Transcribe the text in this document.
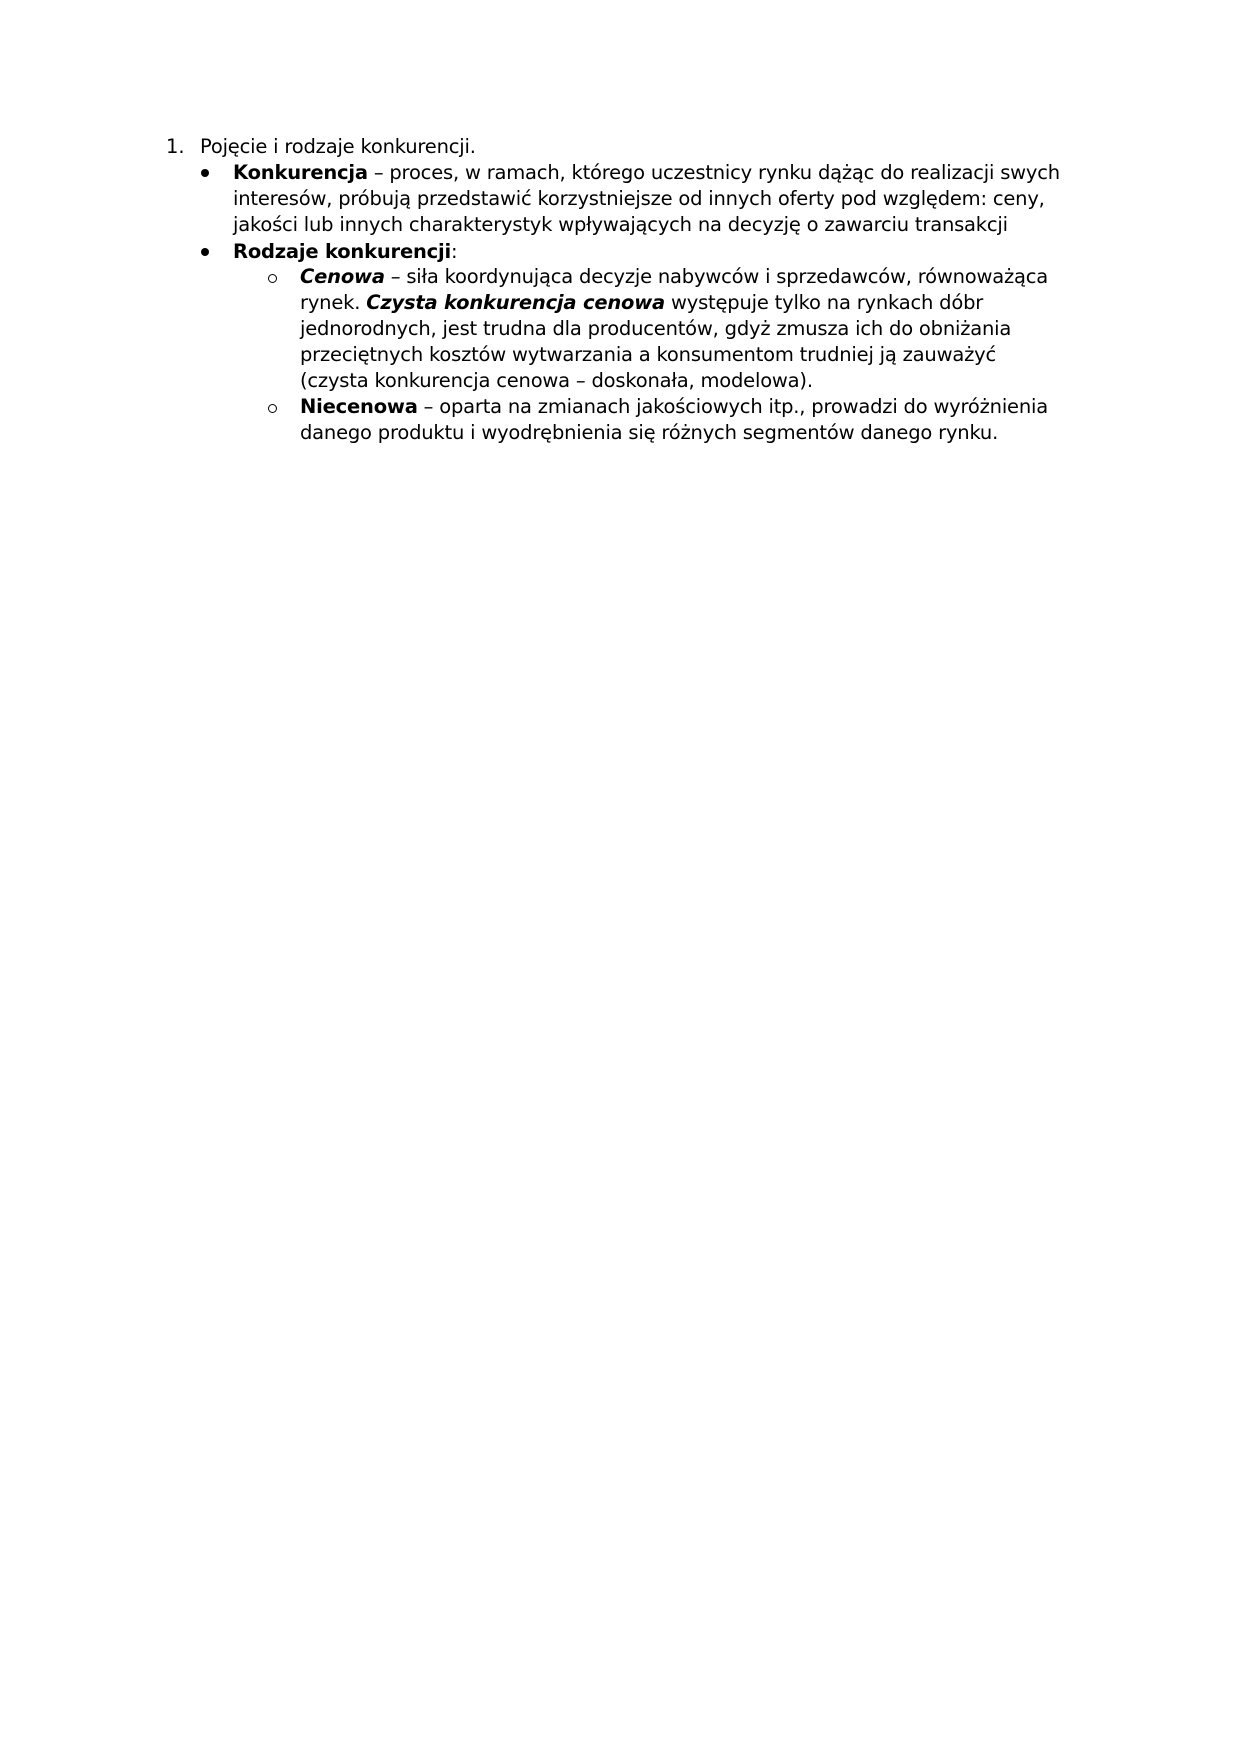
1. Pojęcie i rodzaje konkurencji.
Konkurencja – proces, w ramach, którego uczestnicy rynku dążąc do realizacji swych
interesów, próbują przedstawić korzystniejsze od innych oferty pod względem: ceny,
jakości lub innych charakterystyk wpływających na decyzję o zawarciu transakcji
Rodzaje konkurencji:
Cenowa – siła koordynująca decyzje nabywców i sprzedawców, równoważąca
rynek. Czysta konkurencja cenowa występuje tylko na rynkach dóbr
jednorodnych, jest trudna dla producentów, gdyż zmusza ich do obniżania
przeciętnych kosztów wytwarzania a konsumentom trudniej ją zauważyć
(czysta konkurencja cenowa – doskonała, modelowa).
Niecenowa – oparta na zmianach jakościowych itp., prowadzi do wyróżnienia
danego produktu i wyodrębnienia się różnych segmentów danego rynku.
